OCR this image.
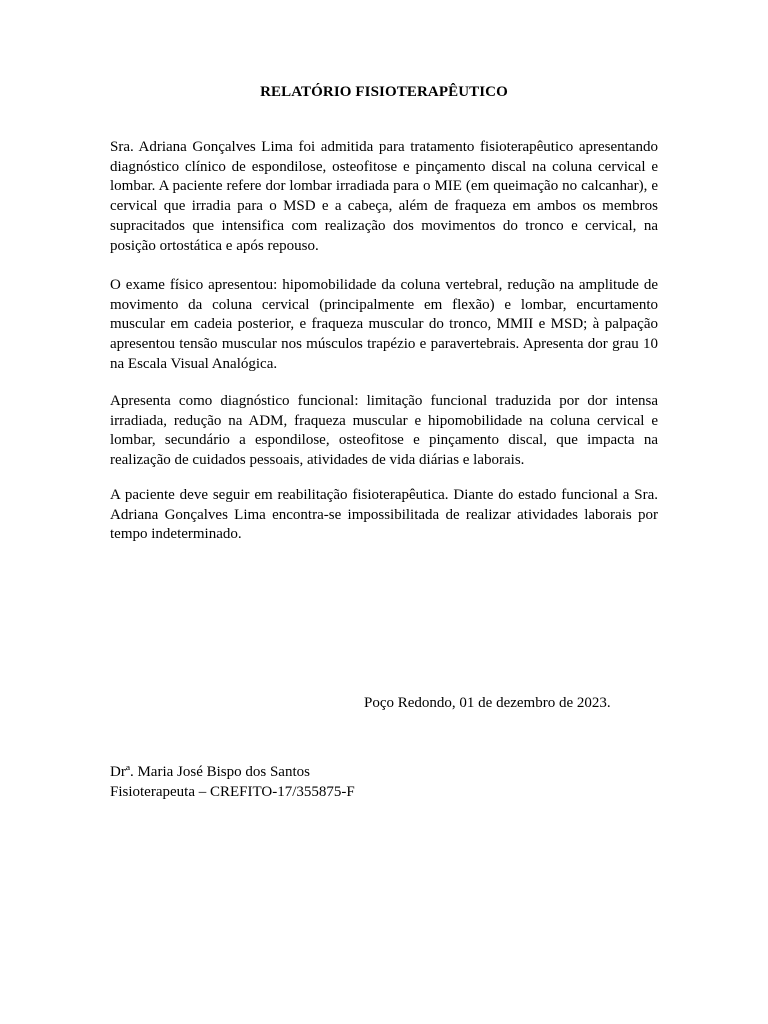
RELATÓRIO FISIOTERAPÊUTICO

Sra. Adriana Gonçalves Lima foi admitida para tratamento fisioterapêutico apresentando diagnóstico clínico de espondilose, osteofitose e pinçamento discal na coluna cervical e lombar. A paciente refere dor lombar irradiada para o MIE (em queimação no calcanhar), e cervical que irradia para o MSD e a cabeça, além de fraqueza em ambos os membros supracitados que intensifica com realização dos movimentos do tronco e cervical, na posição ortostática e após repouso.

O exame físico apresentou: hipomobilidade da coluna vertebral, redução na amplitude de movimento da coluna cervical (principalmente em flexão) e lombar, encurtamento muscular em cadeia posterior, e fraqueza muscular do tronco, MMII e MSD; à palpação apresentou tensão muscular nos músculos trapézio e paravertebrais. Apresenta dor grau 10 na Escala Visual Analógica.

Apresenta como diagnóstico funcional: limitação funcional traduzida por dor intensa irradiada, redução na ADM, fraqueza muscular e hipomobilidade na coluna cervical e lombar, secundário a espondilose, osteofitose e pinçamento discal, que impacta na realização de cuidados pessoais, atividades de vida diárias e laborais.

A paciente deve seguir em reabilitação fisioterapêutica. Diante do estado funcional a Sra. Adriana Gonçalves Lima encontra-se impossibilitada de realizar atividades laborais por tempo indeterminado.

Poço Redondo, 01 de dezembro de 2023.

Drª. Maria José Bispo dos Santos

Fisioterapeuta – CREFITO-17/355875-F
